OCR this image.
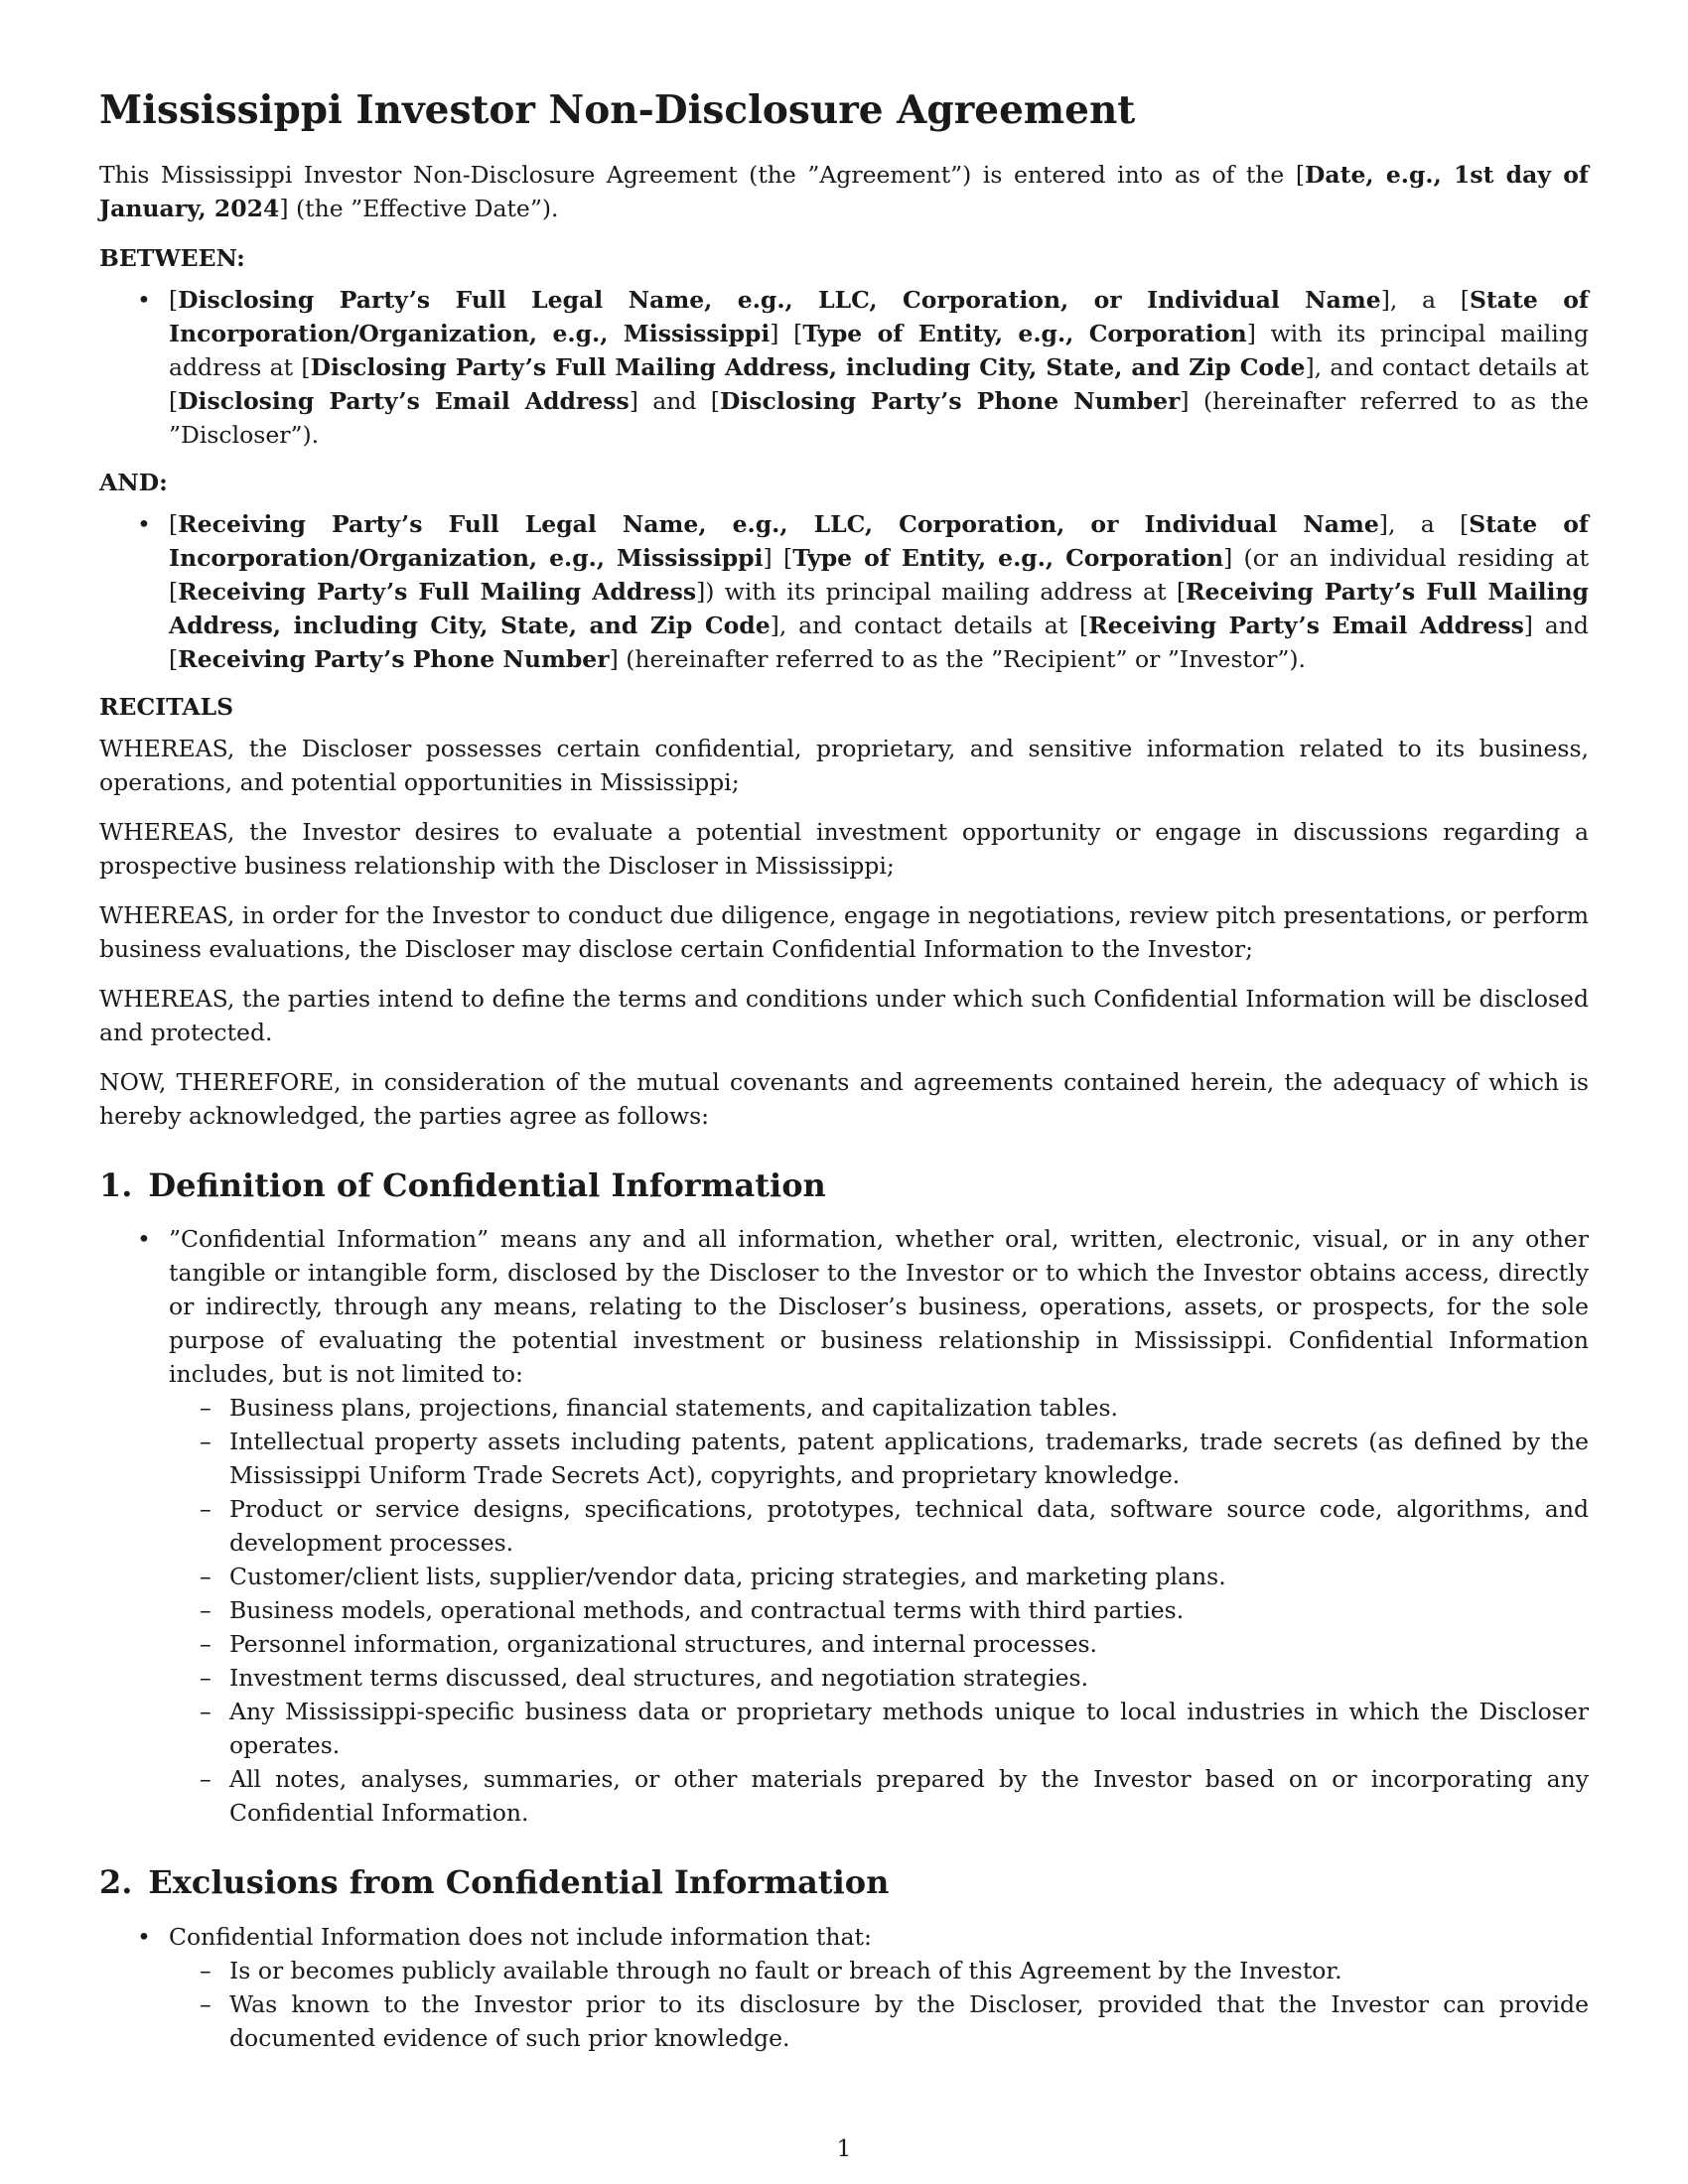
Mississippi Investor Non-Disclosure Agreement

This Mississippi Investor Non-Disclosure Agreement (the ”Agreement”) is entered into as of the [Date, e.g., 1st day of January, 2024] (the ”Effective Date”).

BETWEEN:
• [Disclosing Party’s Full Legal Name, e.g., LLC, Corporation, or Individual Name], a [State of Incorporation/Organization, e.g., Mississippi] [Type of Entity, e.g., Corporation] with its principal mailing address at [Disclosing Party’s Full Mailing Address, including City, State, and Zip Code], and contact details at [Disclosing Party’s Email Address] and [Disclosing Party’s Phone Number] (hereinafter referred to as the ”Discloser”).
AND:
• [Receiving Party’s Full Legal Name, e.g., LLC, Corporation, or Individual Name], a [State of Incorporation/Organization, e.g., Mississippi] [Type of Entity, e.g., Corporation] (or an individual residing at [Receiving Party’s Full Mailing Address]) with its principal mailing address at [Receiving Party’s Full Mailing Address, including City, State, and Zip Code], and contact details at [Receiving Party’s Email Address] and [Receiving Party’s Phone Number] (hereinafter referred to as the ”Recipient” or ”Investor”).
RECITALS

WHEREAS, the Discloser possesses certain confidential, proprietary, and sensitive information related to its business, operations, and potential opportunities in Mississippi;

WHEREAS, the Investor desires to evaluate a potential investment opportunity or engage in discussions regarding a prospective business relationship with the Discloser in Mississippi;

WHEREAS, in order for the Investor to conduct due diligence, engage in negotiations, review pitch presentations, or perform business evaluations, the Discloser may disclose certain Confidential Information to the Investor;

WHEREAS, the parties intend to define the terms and conditions under which such Confidential Information will be disclosed and protected.

NOW, THEREFORE, in consideration of the mutual covenants and agreements contained herein, the adequacy of which is hereby acknowledged, the parties agree as follows:

1. Definition of Confidential Information
• ”Confidential Information” means any and all information, whether oral, written, electronic, visual, or in any other tangible or intangible form, disclosed by the Discloser to the Investor or to which the Investor obtains access, directly or indirectly, through any means, relating to the Discloser’s business, operations, assets, or prospects, for the sole purpose of evaluating the potential investment or business relationship in Mississippi. Confidential Information includes, but is not limited to:
– Business plans, projections, financial statements, and capitalization tables.
– Intellectual property assets including patents, patent applications, trademarks, trade secrets (as defined by the Mississippi Uniform Trade Secrets Act), copyrights, and proprietary knowledge.
– Product or service designs, specifications, prototypes, technical data, software source code, algorithms, and development processes.
– Customer/client lists, supplier/vendor data, pricing strategies, and marketing plans.
– Business models, operational methods, and contractual terms with third parties.
– Personnel information, organizational structures, and internal processes.
– Investment terms discussed, deal structures, and negotiation strategies.
– Any Mississippi-specific business data or proprietary methods unique to local industries in which the Discloser operates.
– All notes, analyses, summaries, or other materials prepared by the Investor based on or incorporating any Confidential Information.
2. Exclusions from Confidential Information
• Confidential Information does not include information that:
– Is or becomes publicly available through no fault or breach of this Agreement by the Investor.
– Was known to the Investor prior to its disclosure by the Discloser, provided that the Investor can provide documented evidence of such prior knowledge.
1
